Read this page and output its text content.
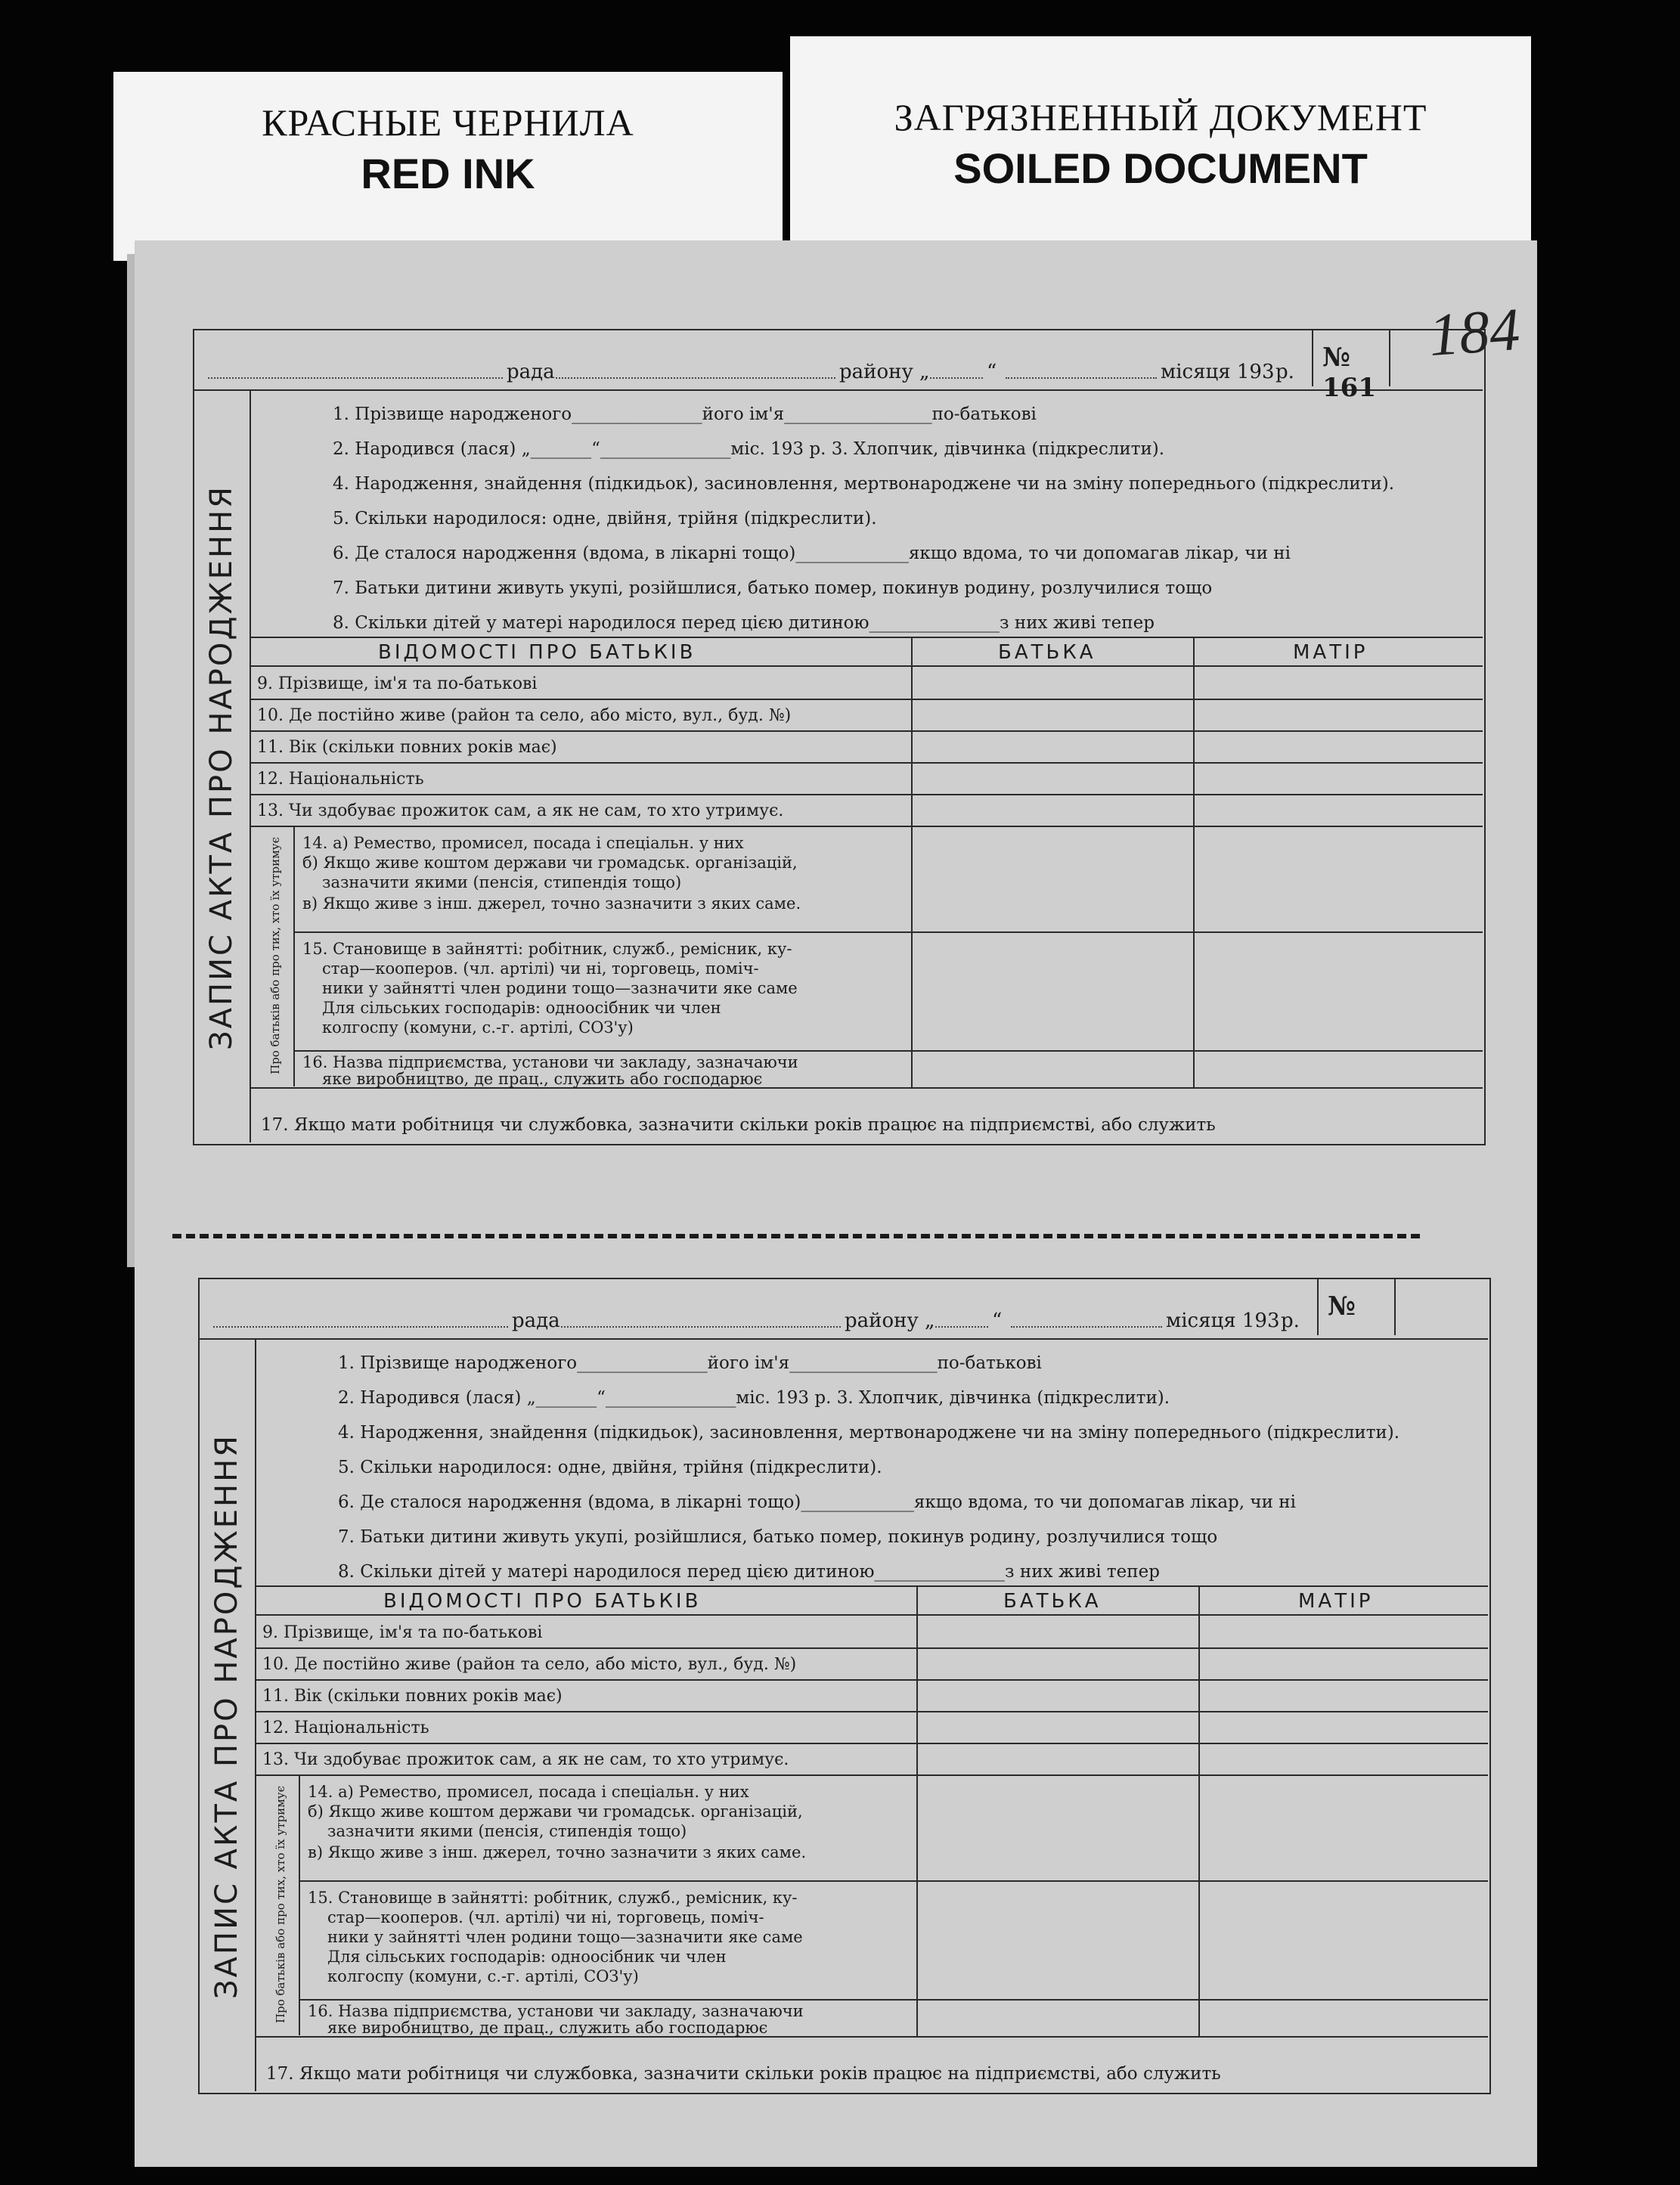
КРАСНЫЕ ЧЕРНИЛА
RED INK
ЗАГРЯЗНЕННЫЙ ДОКУМЕНТ
SOILED DOCUMENT
184
рада	району „	“	місяця 193 р. № 161
ЗАПИС АКТА ПРО НАРОДЖЕННЯ
1. Прізвище народженого_______________його ім'я_________________по-батькові
2. Народився (лася) „_______“_______________міс. 193 р. 3. Хлопчик, дівчинка (підкреслити).
4. Народження, знайдення (підкидьок), засиновлення, мертвонароджене чи на зміну попереднього (підкреслити).
5. Скільки народилося: одне, двійня, трійня (підкреслити).
6. Де сталося народження (вдома, в лікарні тощо)_____________якщо вдома, то чи допомагав лікар, чи ні
7. Батьки дитини живуть укупі, розійшлися, батько помер, покинув родину, розлучилися тощо
8. Скільки дітей у матері народилося перед цією дитиною_______________з них живі тепер
ВІДОМОСТІ ПРО БАТЬКІВ	БАТЬКА	МАТІР
9. Прізвище, ім'я та по-батькові
10. Де постійно живе (район та село, або місто, вул., буд. №)
11. Вік (скільки повних років має)
12. Національність
13. Чи здобуває прожиток сам, а як не сам, то хто утримує.
Про батьків або про тих, хто їх утримує 14. а) Ремество, промисел, посада і спеціальн. у них
б) Якщо живе коштом держави чи громадськ. організацій,
зазначити якими (пенсія, стипендія тощо)
в) Якщо живе з інш. джерел, точно зазначити з яких саме.
15. Становище в зайнятті: робітник, служб., ремісник, ку-
стар—кооперов. (чл. артілі) чи ні, торговець, поміч-
ники у зайнятті член родини тощо—зазначити яке саме
Для сільських господарів: одноосібник чи член
колгоспу (комуни, с.-г. артілі, СОЗ'у)
16. Назва підприємства, установи чи закладу, зазначаючи
яке виробництво, де прац., служить або господарює
17. Якщо мати робітниця чи службовка, зазначити скільки років працює на підприємстві, або служить
рада	району „	“	місяця 193 р. №
ЗАПИС АКТА ПРО НАРОДЖЕННЯ
1. Прізвище народженого_______________його ім'я_________________по-батькові
2. Народився (лася) „_______“_______________міс. 193 р. 3. Хлопчик, дівчинка (підкреслити).
4. Народження, знайдення (підкидьок), засиновлення, мертвонароджене чи на зміну попереднього (підкреслити).
5. Скільки народилося: одне, двійня, трійня (підкреслити).
6. Де сталося народження (вдома, в лікарні тощо)_____________якщо вдома, то чи допомагав лікар, чи ні
7. Батьки дитини живуть укупі, розійшлися, батько помер, покинув родину, розлучилися тощо
8. Скільки дітей у матері народилося перед цією дитиною_______________з них живі тепер
ВІДОМОСТІ ПРО БАТЬКІВ	БАТЬКА	МАТІР
9. Прізвище, ім'я та по-батькові
10. Де постійно живе (район та село, або місто, вул., буд. №)
11. Вік (скільки повних років має)
12. Національність
13. Чи здобуває прожиток сам, а як не сам, то хто утримує.
Про батьків або про тих, хто їх утримує 14. а) Ремество, промисел, посада і спеціальн. у них
б) Якщо живе коштом держави чи громадськ. організацій,
зазначити якими (пенсія, стипендія тощо)
в) Якщо живе з інш. джерел, точно зазначити з яких саме.
15. Становище в зайнятті: робітник, служб., ремісник, ку-
стар—кооперов. (чл. артілі) чи ні, торговець, поміч-
ники у зайнятті член родини тощо—зазначити яке саме
Для сільських господарів: одноосібник чи член
колгоспу (комуни, с.-г. артілі, СОЗ'у)
16. Назва підприємства, установи чи закладу, зазначаючи
яке виробництво, де прац., служить або господарює
17. Якщо мати робітниця чи службовка, зазначити скільки років працює на підприємстві, або служить
